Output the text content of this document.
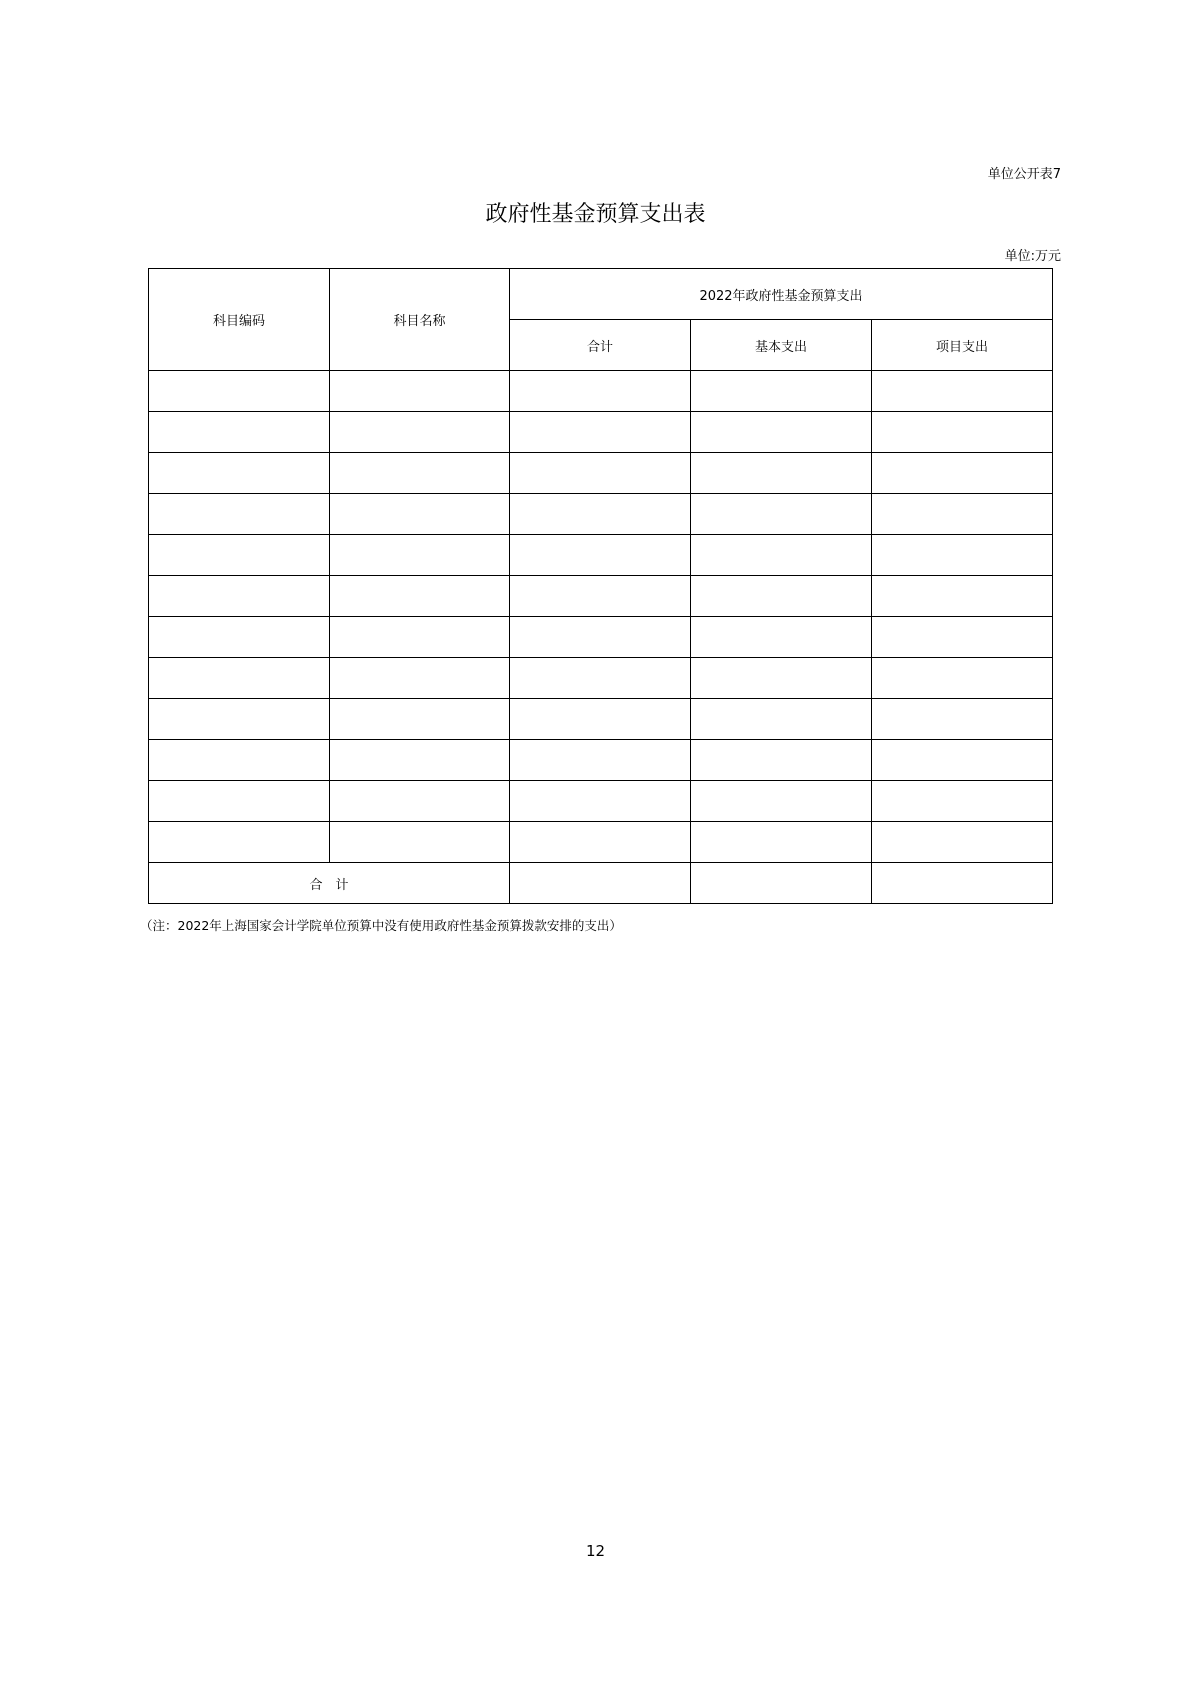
单位公开表7
政府性基金预算支出表
单位:万元
科目编码	科目名称	2022年政府性基金预算支出		
		合计	基本支出	项目支出

合　计				
（注：2022年上海国家会计学院单位预算中没有使用政府性基金预算拨款安排的支出）
12
